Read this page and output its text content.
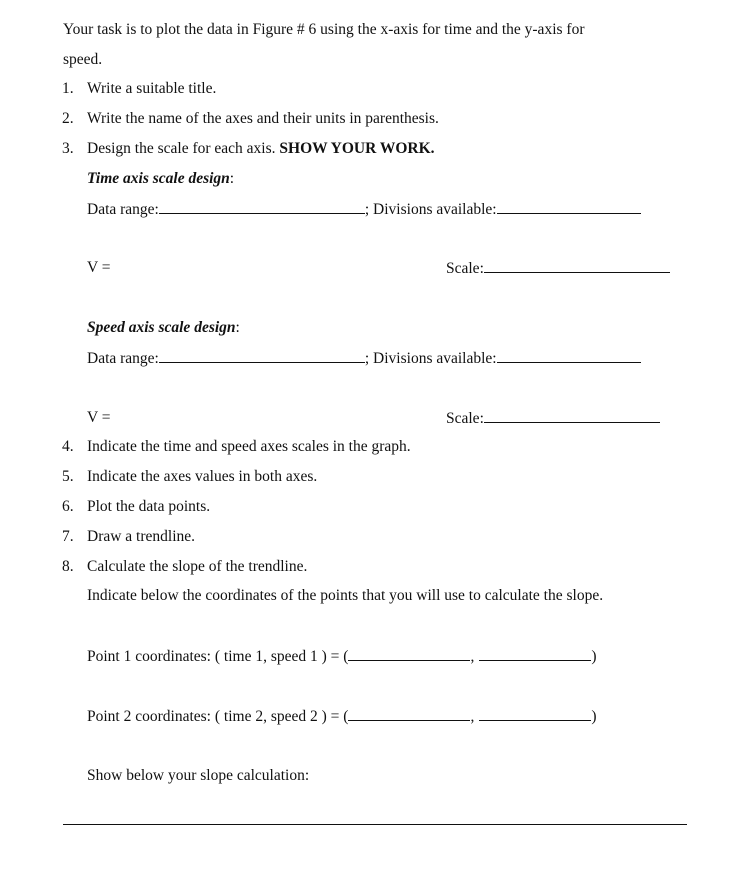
Your task is to plot the data in Figure # 6 using the x-axis for time and the y-axis for
speed.
1. Write a suitable title.
2. Write the name of the axes and their units in parenthesis.
3. Design the scale for each axis. SHOW YOUR WORK.
Time axis scale design:
Data range:	; Divisions available:
V =	Scale:
Speed axis scale design:
Data range:	; Divisions available:
V =	Scale:
4. Indicate the time and speed axes scales in the graph.
5. Indicate the axes values in both axes.
6. Plot the data points.
7. Draw a trendline.
8. Calculate the slope of the trendline.
Indicate below the coordinates of the points that you will use to calculate the slope.
Point 1 coordinates: ( time 1, speed 1 ) = (	,	)
Point 2 coordinates: ( time 2, speed 2 ) = (	,	)
Show below your slope calculation:
